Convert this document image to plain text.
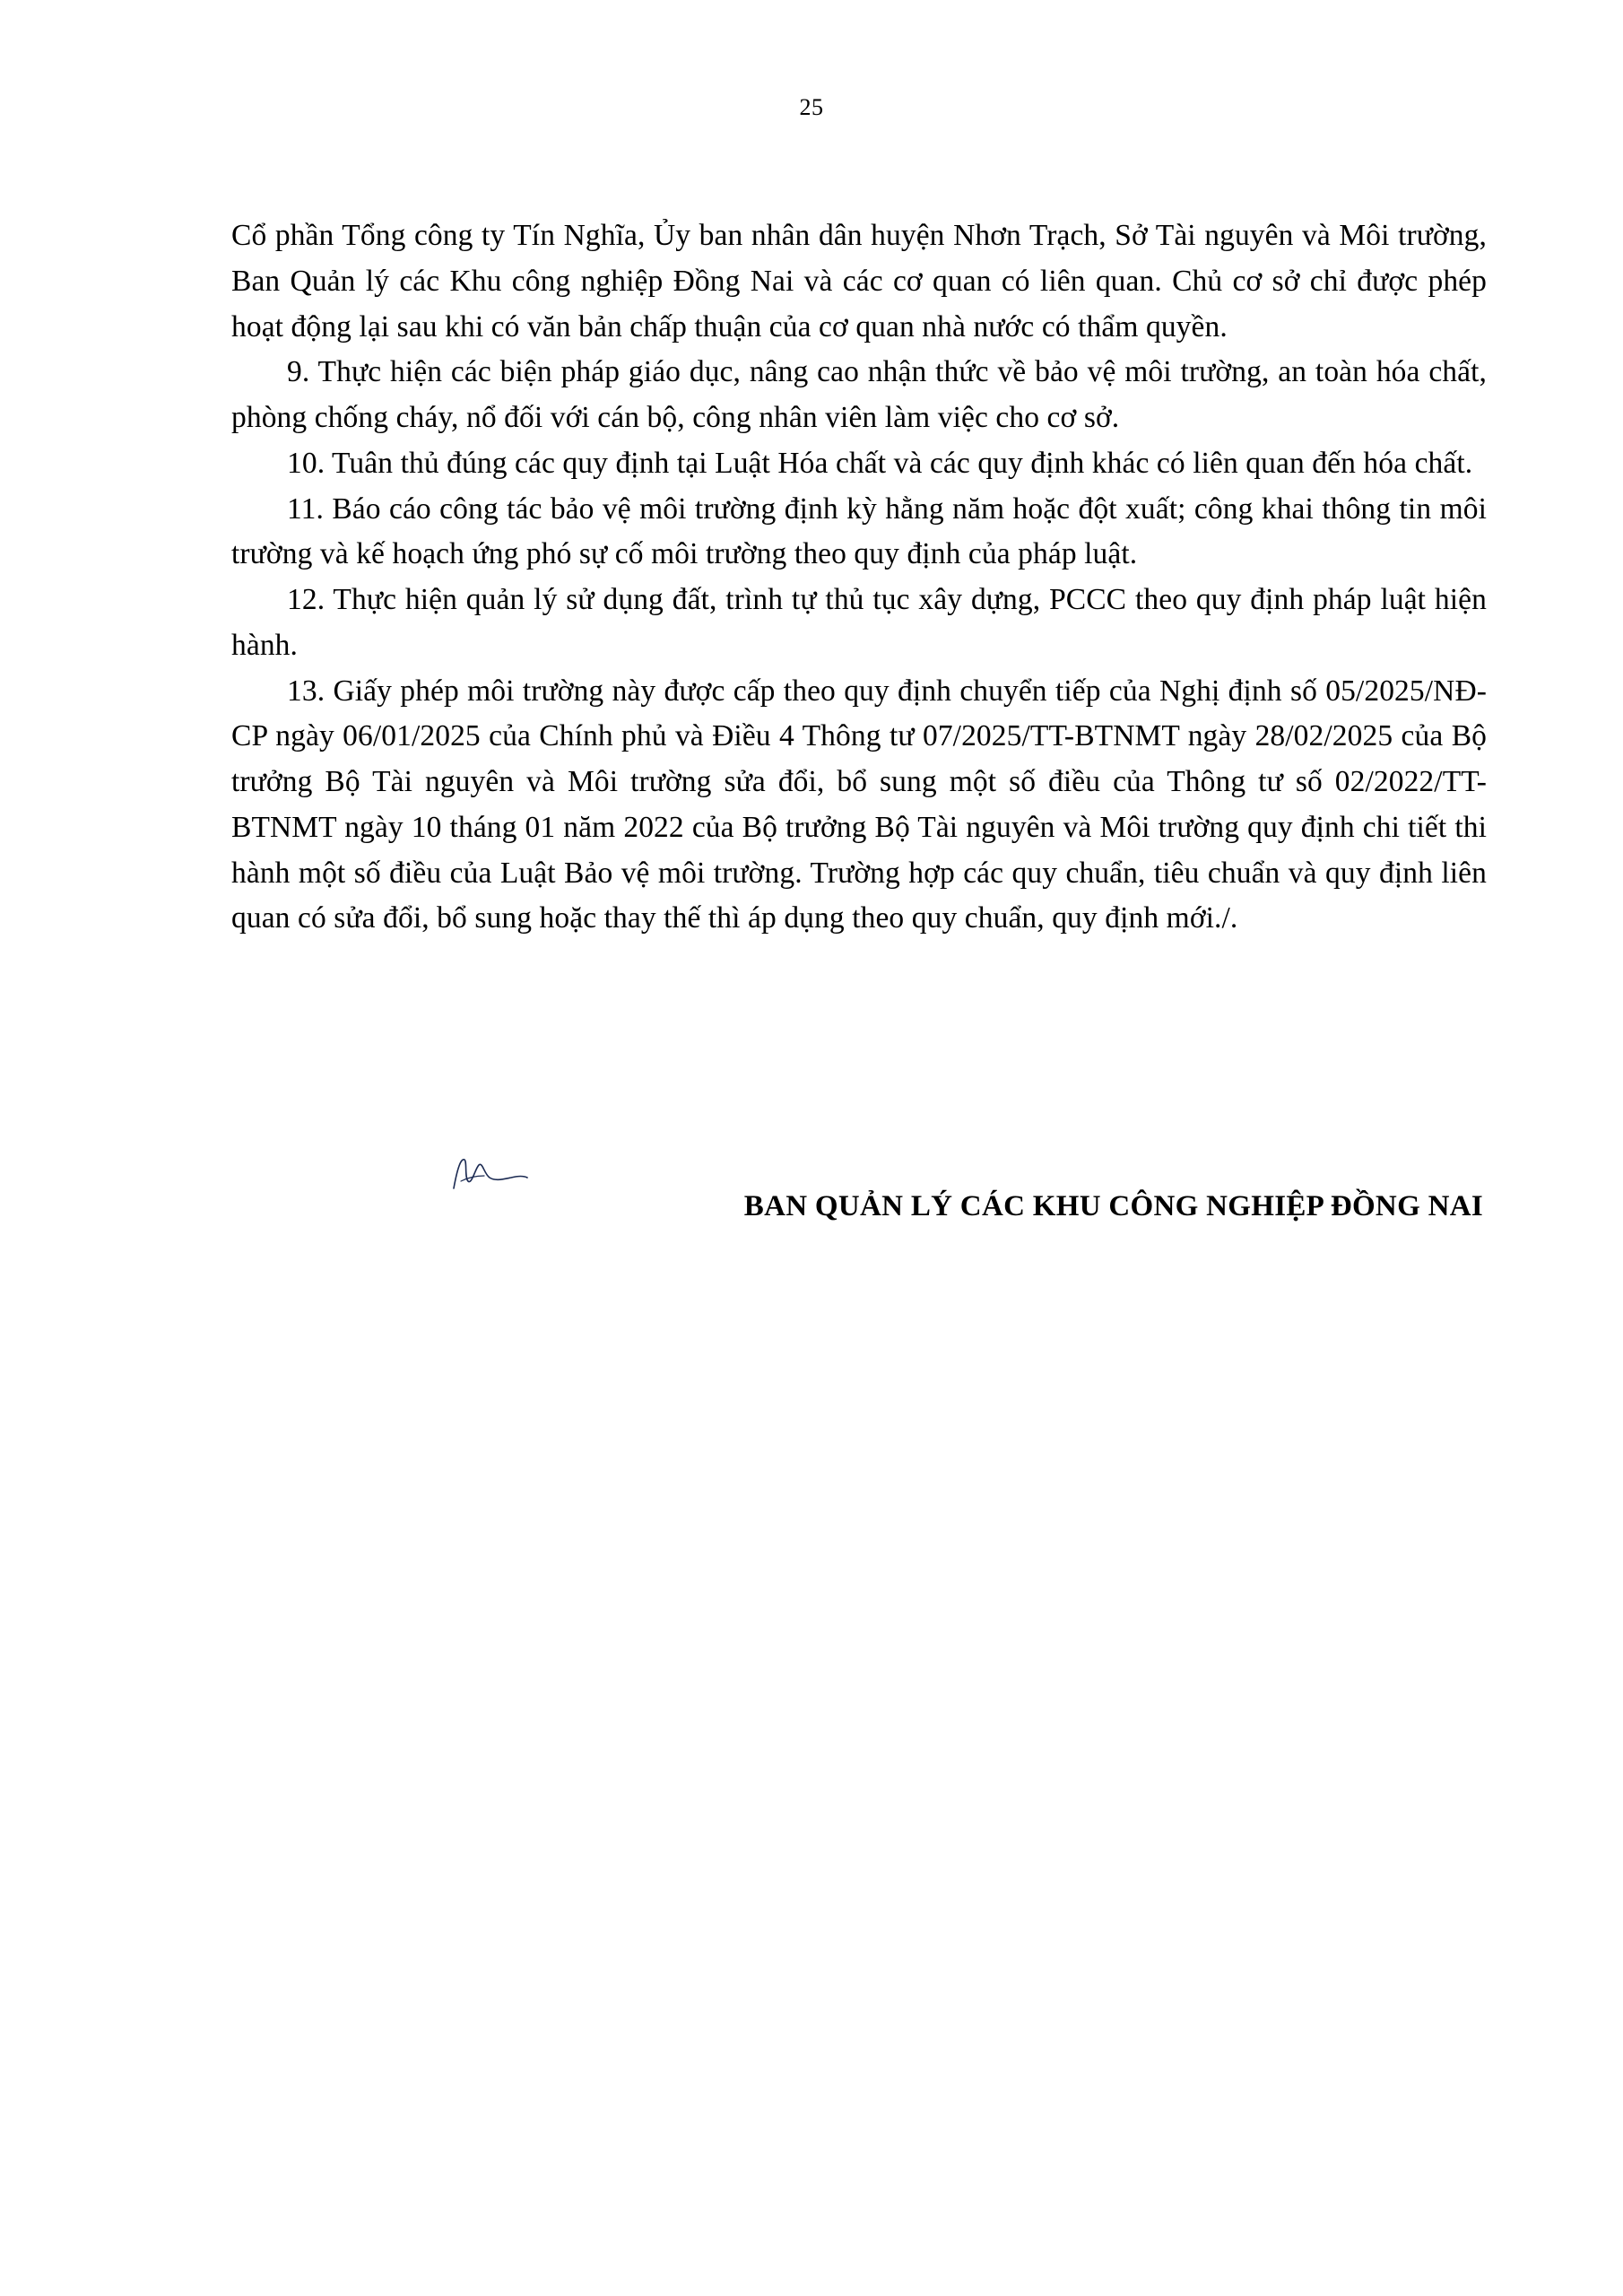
25

Cổ phần Tổng công ty Tín Nghĩa, Ủy ban nhân dân huyện Nhơn Trạch, Sở Tài nguyên và Môi trường, Ban Quản lý các Khu công nghiệp Đồng Nai và các cơ quan có liên quan. Chủ cơ sở chỉ được phép hoạt động lại sau khi có văn bản chấp thuận của cơ quan nhà nước có thẩm quyền.

9. Thực hiện các biện pháp giáo dục, nâng cao nhận thức về bảo vệ môi trường, an toàn hóa chất, phòng chống cháy, nổ đối với cán bộ, công nhân viên làm việc cho cơ sở.

10. Tuân thủ đúng các quy định tại Luật Hóa chất và các quy định khác có liên quan đến hóa chất.

11. Báo cáo công tác bảo vệ môi trường định kỳ hằng năm hoặc đột xuất; công khai thông tin môi trường và kế hoạch ứng phó sự cố môi trường theo quy định của pháp luật.

12. Thực hiện quản lý sử dụng đất, trình tự thủ tục xây dựng, PCCC theo quy định pháp luật hiện hành.

13. Giấy phép môi trường này được cấp theo quy định chuyển tiếp của Nghị định số 05/2025/NĐ-CP ngày 06/01/2025 của Chính phủ và Điều 4 Thông tư 07/2025/TT-BTNMT ngày 28/02/2025 của Bộ trưởng Bộ Tài nguyên và Môi trường sửa đổi, bổ sung một số điều của Thông tư số 02/2022/TT-BTNMT ngày 10 tháng 01 năm 2022 của Bộ trưởng Bộ Tài nguyên và Môi trường quy định chi tiết thi hành một số điều của Luật Bảo vệ môi trường. Trường hợp các quy chuẩn, tiêu chuẩn và quy định liên quan có sửa đổi, bổ sung hoặc thay thế thì áp dụng theo quy chuẩn, quy định mới./.

BAN QUẢN LÝ CÁC KHU CÔNG NGHIỆP ĐỒNG NAI
